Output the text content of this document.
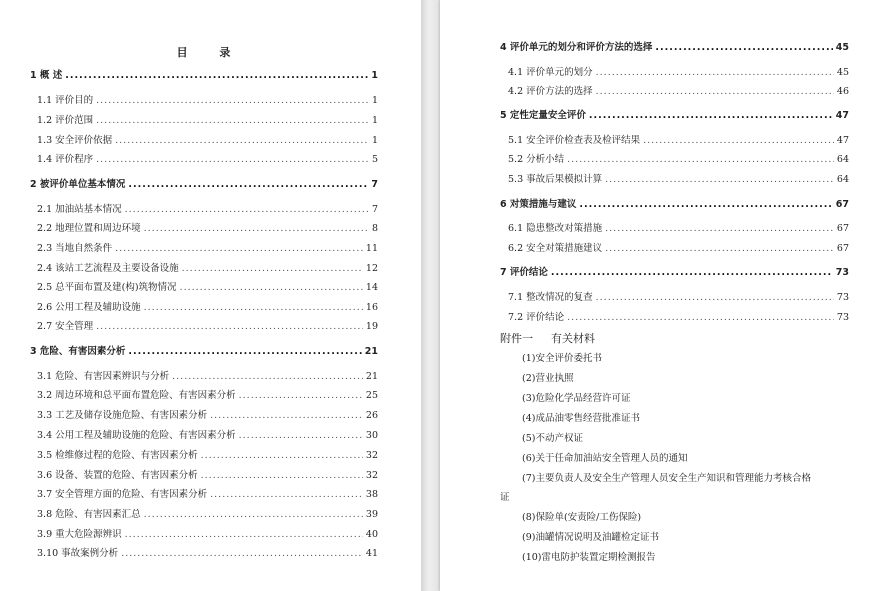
目 录
1 概 述 .....	1
1.1 评价目的 .....	1
1.2 评价范围 .....	1
1.3 安全评价依据 .....	1
1.4 评价程序 .....	5
2 被评价单位基本情况 .....	7
2.1 加油站基本情况 .....	7
2.2 地理位置和周边环境 .....	8
2.3 当地自然条件 .....	11
2.4 该站工艺流程及主要设备设施 .....	12
2.5 总平面布置及建(构)筑物情况 .....	14
2.6 公用工程及辅助设施 .....	16
2.7 安全管理 .....	19
3 危险、有害因素分析 .....	21
3.1 危险、有害因素辨识与分析 .....	21
3.2 周边环境和总平面布置危险、有害因素分析 .....	25
3.3 工艺及储存设施危险、有害因素分析 .....	26
3.4 公用工程及辅助设施的危险、有害因素分析 .....	30
3.5 检维修过程的危险、有害因素分析 .....	32
3.6 设备、装置的危险、有害因素分析 .....	32
3.7 安全管理方面的危险、有害因素分析 .....	38
3.8 危险、有害因素汇总 .....	39
3.9 重大危险源辨识 .....	40
3.10 事故案例分析 .....	41
4 评价单元的划分和评价方法的选择 .....	45
4.1 评价单元的划分 .....	45
4.2 评价方法的选择 .....	46
5 定性定量安全评价 .....	47
5.1 安全评价检查表及检评结果 .....	47
5.2 分析小结 .....	64
5.3 事故后果模拟计算 .....	64
6 对策措施与建议 .....	67
6.1 隐患整改对策措施 .....	67
6.2 安全对策措施建议 .....	67
7 评价结论 .....	73
7.1 整改情况的复查 .....	73
7.2 评价结论 .....	73
附件一 有关材料
(1)安全评价委托书
(2)营业执照
(3)危险化学品经营许可证
(4)成品油零售经营批准证书
(5)不动产权证
(6)关于任命加油站安全管理人员的通知
(7)主要负责人及安全生产管理人员安全生产知识和管理能力考核合格
(8)保险单(安责险/工伤保险)
(9)油罐情况说明及油罐检定证书
(10)雷电防护装置定期检测报告
证
